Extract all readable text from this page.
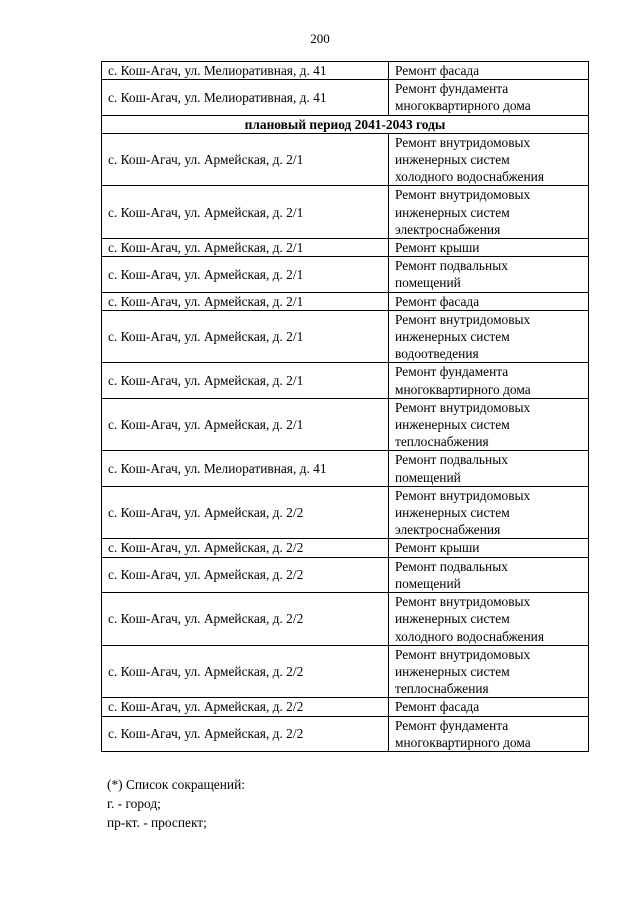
200
с. Кош-Агач, ул. Мелиоративная, д. 41	Ремонт фасада

с. Кош-Агач, ул. Мелиоративная, д. 41	Ремонт фундамента
многоквартирного дома

плановый период 2041-2043 годы	
с. Кош-Агач, ул. Армейская, д. 2/1	Ремонт внутридомовых
инженерных систем
холодного водоснабжения

с. Кош-Агач, ул. Армейская, д. 2/1	Ремонт внутридомовых
инженерных систем
электроснабжения

с. Кош-Агач, ул. Армейская, д. 2/1	Ремонт крыши

с. Кош-Агач, ул. Армейская, д. 2/1	Ремонт подвальных
помещений

с. Кош-Агач, ул. Армейская, д. 2/1	Ремонт фасада

с. Кош-Агач, ул. Армейская, д. 2/1	Ремонт внутридомовых
инженерных систем
водоотведения

с. Кош-Агач, ул. Армейская, д. 2/1	Ремонт фундамента
многоквартирного дома

с. Кош-Агач, ул. Армейская, д. 2/1	Ремонт внутридомовых
инженерных систем
теплоснабжения

с. Кош-Агач, ул. Мелиоративная, д. 41	Ремонт подвальных
помещений

с. Кош-Агач, ул. Армейская, д. 2/2	Ремонт внутридомовых
инженерных систем
электроснабжения

с. Кош-Агач, ул. Армейская, д. 2/2	Ремонт крыши

с. Кош-Агач, ул. Армейская, д. 2/2	Ремонт подвальных
помещений

с. Кош-Агач, ул. Армейская, д. 2/2	Ремонт внутридомовых
инженерных систем
холодного водоснабжения

с. Кош-Агач, ул. Армейская, д. 2/2	Ремонт внутридомовых
инженерных систем
теплоснабжения

с. Кош-Агач, ул. Армейская, д. 2/2	Ремонт фасада

с. Кош-Агач, ул. Армейская, д. 2/2	Ремонт фундамента
многоквартирного дома
(*) Список сокращений:
г. - город;
пр-кт. - проспект;
